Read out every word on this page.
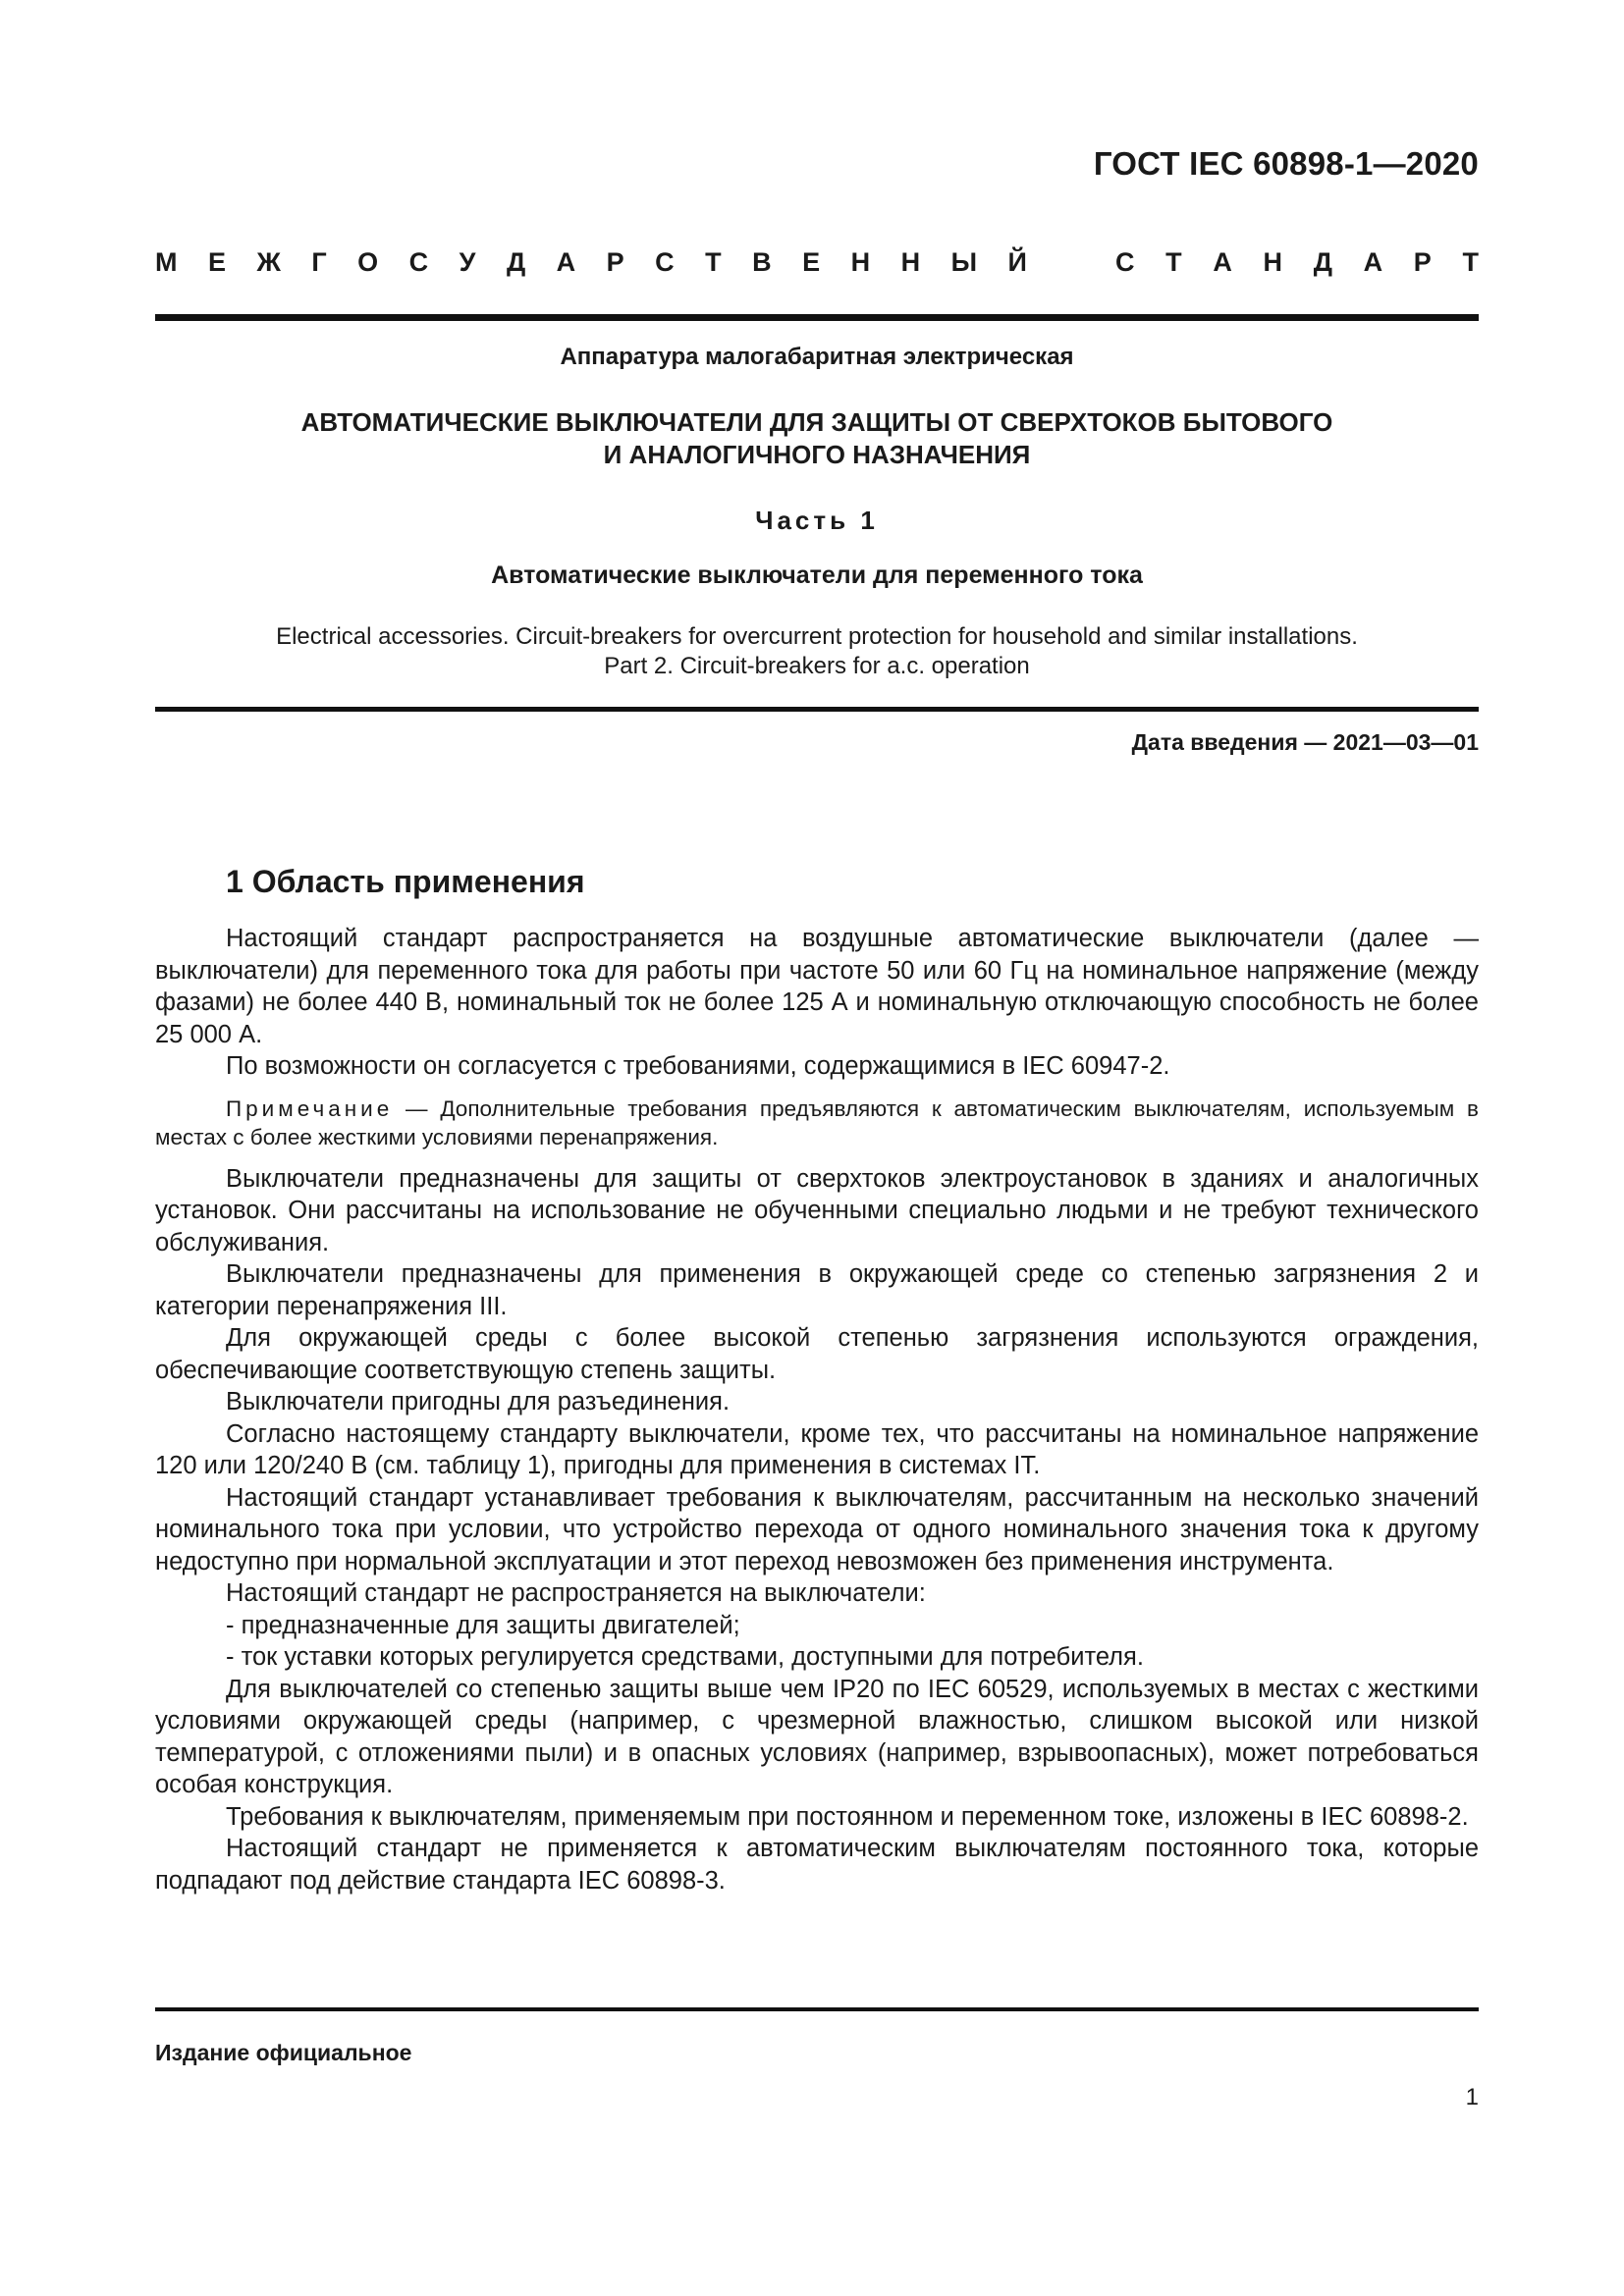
ГОСТ IEC 60898-1—2020
М Е Ж Г О С У Д А Р С Т В Е Н Н Ы Й	С Т А Н Д А Р Т
Аппаратура малогабаритная электрическая
АВТОМАТИЧЕСКИЕ ВЫКЛЮЧАТЕЛИ ДЛЯ ЗАЩИТЫ ОТ СВЕРХТОКОВ БЫТОВОГО
И АНАЛОГИЧНОГО НАЗНАЧЕНИЯ
Часть 1
Автоматические выключатели для переменного тока
Electrical accessories. Circuit-breakers for overcurrent protection for household and similar installations.
Part 2. Circuit-breakers for a.c. operation
Дата введения — 2021—03—01
1 Область применения

Настоящий стандарт распространяется на воздушные автоматические выключатели (далее — выключатели) для переменного тока для работы при частоте 50 или 60 Гц на номинальное напряжение (между фазами) не более 440 В, номинальный ток не более 125 А и номинальную отключающую способность не более 25 000 А.

По возможности он согласуется с требованиями, содержащимися в IEC 60947-2.

Примечание — Дополнительные требования предъявляются к автоматическим выключателям, используемым в местах с более жесткими условиями перенапряжения.

Выключатели предназначены для защиты от сверхтоков электроустановок в зданиях и аналогичных установок. Они рассчитаны на использование не обученными специально людьми и не требуют технического обслуживания.

Выключатели предназначены для применения в окружающей среде со степенью загрязнения 2 и категории перенапряжения III.

Для окружающей среды с более высокой степенью загрязнения используются ограждения, обеспечивающие соответствующую степень защиты.

Выключатели пригодны для разъединения.

Согласно настоящему стандарту выключатели, кроме тех, что рассчитаны на номинальное напряжение 120 или 120/240 В (см. таблицу 1), пригодны для применения в системах IT.

Настоящий стандарт устанавливает требования к выключателям, рассчитанным на несколько значений номинального тока при условии, что устройство перехода от одного номинального значения тока к другому недоступно при нормальной эксплуатации и этот переход невозможен без применения инструмента.

Настоящий стандарт не распространяется на выключатели:

- предназначенные для защиты двигателей;

- ток уставки которых регулируется средствами, доступными для потребителя.

Для выключателей со степенью защиты выше чем IP20 по IEC 60529, используемых в местах с жесткими условиями окружающей среды (например, с чрезмерной влажностью, слишком высокой или низкой температурой, с отложениями пыли) и в опасных условиях (например, взрывоопасных), может потребоваться особая конструкция.

Требования к выключателям, применяемым при постоянном и переменном токе, изложены в IEC 60898-2.

Настоящий стандарт не применяется к автоматическим выключателям постоянного тока, которые подпадают под действие стандарта IEC 60898-3.

Издание официальное
1
